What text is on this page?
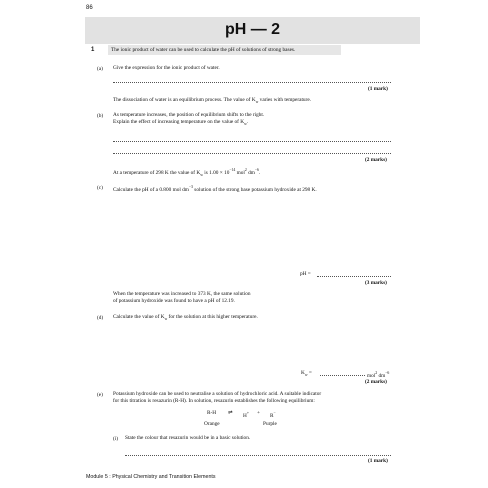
86
pH — 2
1	The ionic product of water can be used to calculate the pH of solutions of strong bases.
(a) Give the expression for the ionic product of water.
(1 mark)
The dissociation of water is an equilibrium process. The value of $K_w$ varies with temperature.
(b) As temperature increases, the position of equilibrium shifts to the right.
Explain the effect of increasing temperature on the value of $K_w$.
(2 marks)
At a temperature of 298 K the value of $K_w$ is $1.00 \times 10^{-14}$ mol$^2$ $dm^{-6}$.
(c) Calculate the pH of a 0.800 mol $dm^{-3}$ solution of the strong base potassium hydroxide at 298 K.
pH =
(3 marks)
When the temperature was increased to 373 K, the same solution
of potassium hydroxide was found to have a pH of 12.19.
(d) Calculate the value of $K_w$ for the solution at this higher temperature.
$K_w$ =	mol$^2$ $dm^{-6}$
(2 marks)
(e) Potassium hydroxide can be used to neutralise a solution of hydrochloric acid. A suitable indicator
for this titration is resazurin (R-H). In solution, resazurin establishes the following equilibrium:
R-H ⇌ H+ + R−
Orange	Purple
(i) State the colour that resazurin would be in a basic solution.
(1 mark)
Module 5 : Physical Chemistry and Transition Elements
